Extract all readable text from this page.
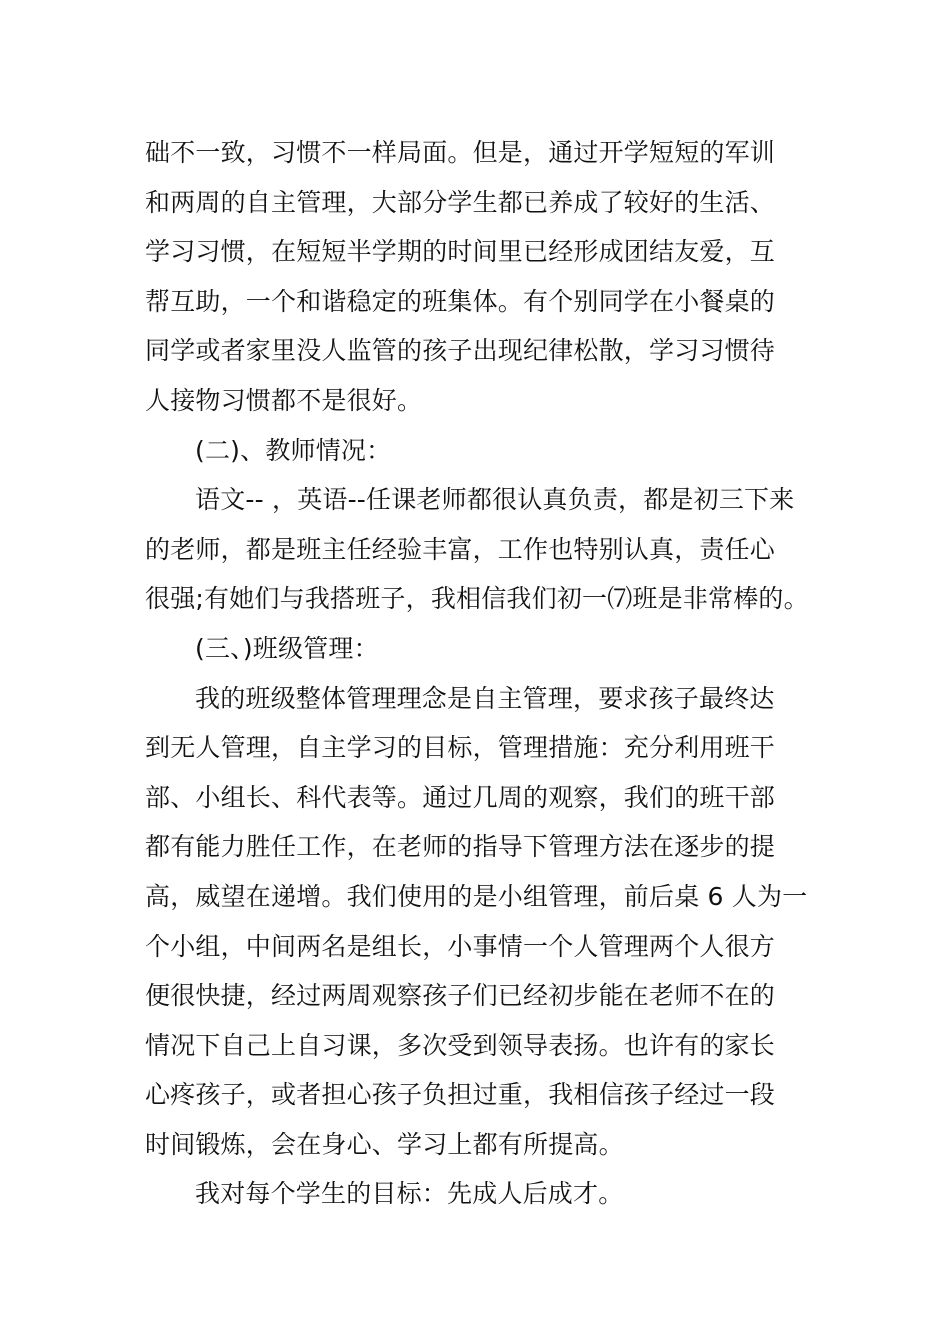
础不一致，习惯不一样局面。但是，通过开学短短的军训
和两周的自主管理，大部分学生都已养成了较好的生活、
学习习惯，在短短半学期的时间里已经形成团结友爱，互
帮互助，一个和谐稳定的班集体。有个别同学在小餐桌的
同学或者家里没人监管的孩子出现纪律松散，学习习惯待
人接物习惯都不是很好。
(二)、教师情况：
语文-- ，英语--任课老师都很认真负责，都是初三下来
的老师，都是班主任经验丰富，工作也特别认真，责任心
很强;有她们与我搭班子，我相信我们初一⑺班是非常棒的。
(三、)班级管理：
我的班级整体管理理念是自主管理，要求孩子最终达
到无人管理，自主学习的目标，管理措施：充分利用班干
部、小组长、科代表等。通过几周的观察，我们的班干部
都有能力胜任工作，在老师的指导下管理方法在逐步的提
高，威望在递增。我们使用的是小组管理，前后桌 6 人为一
个小组，中间两名是组长，小事情一个人管理两个人很方
便很快捷，经过两周观察孩子们已经初步能在老师不在的
情况下自己上自习课，多次受到领导表扬。也许有的家长
心疼孩子，或者担心孩子负担过重，我相信孩子经过一段
时间锻炼，会在身心、学习上都有所提高。
我对每个学生的目标：先成人后成才。
